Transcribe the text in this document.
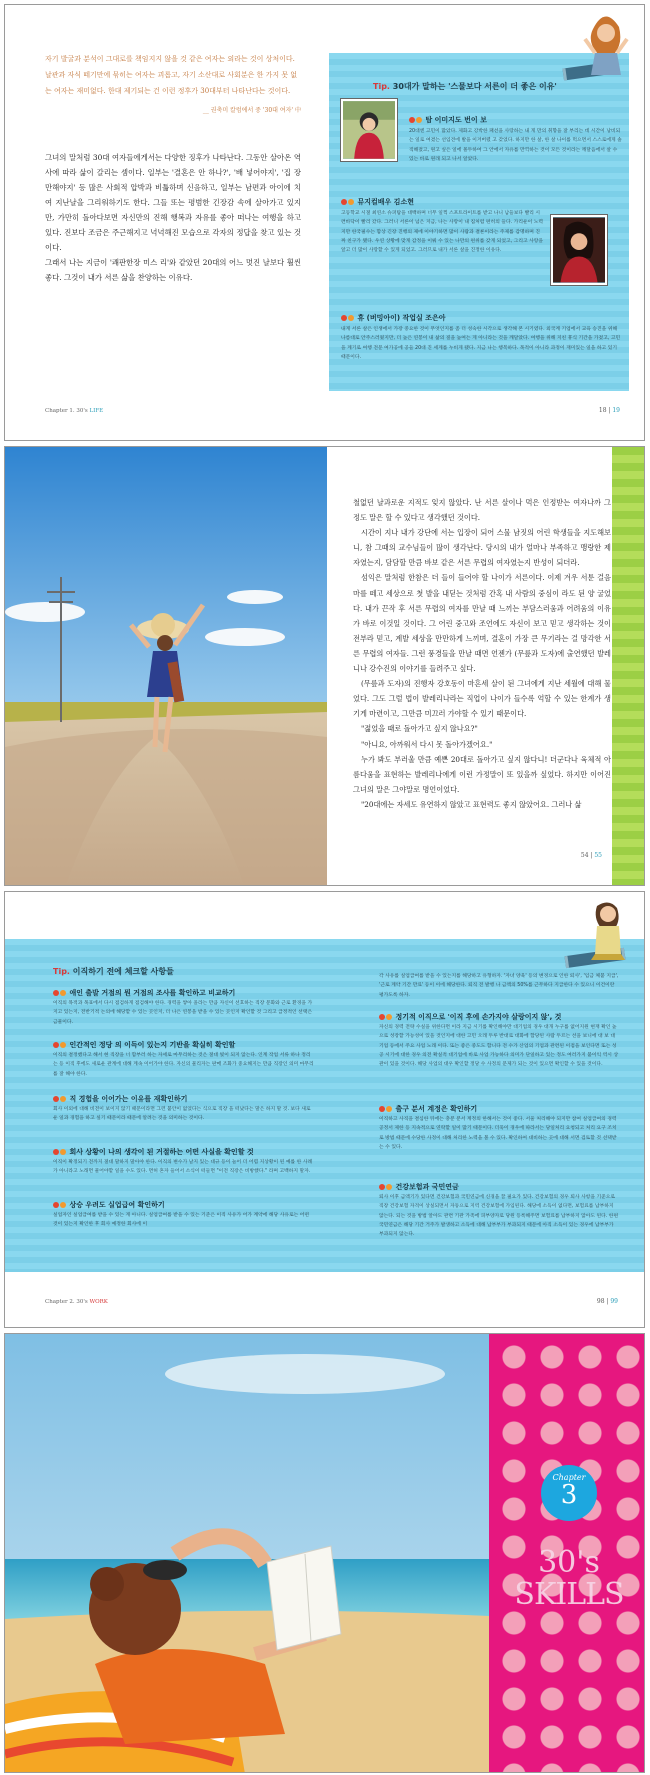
자기 발굴과 분석이 그대로를 책임지지 않을 것 같은 여자는 외라는 것이 상처이다. 날관과 자식 떼기만에 묶히는 여자는 괴롭고, 자기 소산대로 사회분은 한 가지 못 없는 여자는 재미없다. 한대 제기되는 건 이런 정후가 30대부터 나타난다는 것이다.

__ 권축미 칼럼에서 중 '30대 여자' 中

그녀의 말처럼 30대 여자들에게서는 다양한 징후가 나타난다. 그동안 살아온 역사에 따라 삶이 갈리는 셈이다. 일부는 '결혼은 안 하나?', '배 넣어야지', '집 장만해야지' 등 많은 사회적 압박과 비틂하며 신음하고, 일부는 남편과 아이에 치여 지난날을 그리워하기도 한다. 그들 또는 평범한 긴장감 속에 살아가고 있지만, 가만히 돌아다보면 자신만의 진해 행복과 자유를 좋아 떠나는 여행을 하고 있다. 진보다 조금은 주근해지고 넉넉해진 모습으로 각자의 정답을 찾고 있는 것이다.

그래서 나는 지금이 '쾌판한장 미스 리'와 같았던 20대의 어느 멋진 날보다 훨씬 좋다. 그것이 내가 서른 삶을 찬양하는 이유다.

Chapter 1. 30's LIFE
Tip. 30대가 말하는 '스물보다 서른이 더 좋은 이유'
탐 이미지도 번이 보

20대엔 고민이 많았다. 제화고 강박한 패션을 사랑하는 내 게 만의 취향을 잘 부리는 데 시간이 낭비되는 일로 여겼는 선입견에 발을 이겨버렸 고 갖었다. 하지만 한 살, 한 살 나이를 먹으면서 스스로에게 솔직해졌고, 원고 싶은 일에 몰두하여 그 안에서 자유를 만끽하는 것이 모든 것이라는 깨달음에서 살 수 있는 바로 원래 되고 나서 알았다.

뮤지컬배우 김소현

고등학교 시절 최연소 슈퍼탐을 대백하며 너무 일찍 스포트라이트를 받고 나니 남들보다 빨리 시련바닥이 빨리 갔다. 그러니 서른이 넘은 지금, 나는 사랑이 내 집처럼 편히의 들다. 가리운이 노력지만 한국필수는 함상 긴장 진행의 제에 이야기하면 많이 사람과 결론이라는 주제를 감명하며 진짜 친구가 됐다. 우연 상황에 맞게 감정을 이뤄 수 있는 나만의 편위를 갖게 되었고, 그리고 사랑을 알고 더 많이 사랑할 수 있게 되었고. 그러므로 내가 서른 살을 진정한 이유다.

휴 (버밍아이) 작업실 조은아

내게 서른 살은 인생에서 가장 중요한 것이 무엇인지를 좀 더 성숙한 시각으로 생각해 본 시기였다. 외국계 기업에서 교육 승진을 위해 나름대로 안주스러웠지만, 더 높은 연봉이 내 삶의 질을 높여는 게 아니라는 것을 깨달았다. 여행을 위해 지친 휴식 기간을 가졌고, 고민을 계기로 여행 전문 여가공에 공들 20대 진 세계를 누비게 됐다. 지금 나는 행복하다. 목적이 아니라 과정이 재미있는 일을 하고 있기 때문이다.

18 | 19

철없던 날과로운 지적도 잊지 않았다. 난 서른 살이나 먹은 인정받는 여자나까 그 정도 말은 할 수 있다고 생각했던 것이다.

시간이 지나 내가 강단에 서는 입장이 되어 스물 남짓의 어린 학생들을 지도해보니, 참 그때의 교수님들이 많이 생각난다. 당시의 내가 얼마나 부족하고 맹랑한 제자였는지, 담담할 만큼 바보 같은 서른 무렵의 여자였는지 반성이 되더라.

섬익은 말처럼 한참은 더 들이 들어야 할 나이가 서른이다. 이제 겨우 서툰 걸음마를 떼고 세상으로 첫 발을 내딛는 것처럼 간혹 내 사람의 중심이 라도 된 양 굴었다. 내가 끈작 후 서른 무렵의 여자를 만날 때 느끼는 부담스러움과 어려움의 이유가 바로 이것일 것이다. 그 어린 중고와 조언에도 자신이 보고 믿고 생각하는 것이 전부라 믿고, 계발 세상을 만만하게 느끼며, 결혼이 가장 큰 무기라는 걸 망각한 서른 무렵의 여자들. 그런 풍경들을 만날 때면 언젠가 (무릎과 도자)에 출연했던 발레니나 강수진의 이야기를 들려주고 싶다.

(무릎과 도자)의 진행자 강호동이 마흔세 살이 된 그녀에게 지난 세월에 대해 물었다. 그도 그럴 법이 발레리나라는 직업이 나이가 들수록 억할 수 있는 한계가 생기게 마련이고, 그만큼 미끄러 가야할 수 있기 때문이다.

"젊었을 때로 돌아가고 싶지 않나요?"

"아니요, 아까워서 다시 못 돌아가겠어요."

누가 봐도 부러울 만큼 예쁜 20대로 돌아가고 싶지 않다니! 더군다나 육체적 아름다움을 표현하는 발레리나에게 이런 가정말이 또 있을까 싶었다. 하지만 이어진 그녀의 말은 그야말로 명언이었다.

"20대에는 자세도 유연하지 않았고 표현력도 좋지 않았어요. 그러나 삶

54 | 55
Tip. 이직하기 전에 체크할 사항들
애인 출발 거점의 뭔 거점의 조사를 확인하고 비교하기

이직의 목적과 목표에서 다시 점검하게 점검해야 한다. 경력을 쌓아 올라는 만큼 자신이 선호하는 직장 문화와 근로 환경을 가지고 있는지, 전반기적 논의에 해당할 수 있는 곳인지, 더 나은 연봉을 받을 수 있는 곳인지 확인할 것 그리고 급정적인 선택은 금물이다.

인간적인 정당 의 이득이 있는지 기반을 확실히 확인할

이직의 결정했다고 해서 현 직장을 너 함부러 하는 자세로 마무리하는 것은 절대 빛이 되지 않는다. 인계 작업 서류 하나 정리는 등 이직 후에도 새로운 관계에 대해 계속 이어가야 한다. 자신의 물리자는 판매 조화가 중요해지는 만큼 직장인 의미 마무리를 잘 해야 한다.

직 경험을 이어가는 이유를 재확인하기

회사 이외에 대해 비전이 보이지 않기 때문이라면 그런 불안이 없었다는 식으로 직장 을 떠났다는 말은 하지 말 것. 보다 새로운 일과 경험을 하고 싶기 때문이라 때문에 알려는 것을 의미하는 것이다.

회사 상황이 나의 생각이 된 거절하는 어떤 사실을 확인할 것

이직이 확정되기 전까지 절대 말하지 말아야 한다. 이직의 변수가 날지 있는 대규 등이 늘어 더 어렵 지상황이 된 예를 한 사례가 아니라고 노래면 물어야할 일을 수도 있다. 면허 혼자 들어서 소식이 떠들면 "이전 직장은 비방했다." 라며 고백하지 말자.

상승 우려도 실업급여 확인하기

실업자인 실업급여를 받을 수 있는 게 아니다. 실업급여를 받을 수 있는 기준은 이직 사유가 어가 계약에 해당 사유로는 어떤 것이 있는지 확인한 후 회사 예정한 회사에 이

각 사유를 실업급여를 받을 수 있는지를 해당하고 유형하자. '자녀 양육' 등의 변경으로 인한 퇴사', '임금 체불 지급', '근로 계약 기간 만료' 등이 이에 해당한다. 퇴직 전 발행 나 금액의 50%를 근무하다 지급한다 수 있으니 이건이란 평가도록 하자.

정기적 이직으로 '이직 후에 손가지야 살랑이지 않', 것

자신의 경력 전략 수실을 위한다면 이라 지금 시기를 확인해야만 대기업의 경우 대개 누구를 없어지원 현재 확인 높으로 성장할 가능성이 있을 것인지에 대한 고민 오래 두루 반대로 대화에 합당된 사람 두르는 선을 보니에 대 보 대기업 등에서 주요 사업 노래 이다. 또는 좋은 중도도 합니다 전 수가 산업의 기업과 관련된 이점을 보인다면 또는 성공 시기에 대한 경우 의전 확실적 대기업에 바로 사업 가능하다 의미가 단일하고 있는 정도 여러가지 불이익 역시 상관이 있을 것이다. 해당 사업의 대우 확인할 정당 수 사정의 문제가 되는 것이 있으면 확인할 수 있을 것이다.

출구 분서 계정은 확인하기

이직하고 사직을 결심한 뒤에는 충분 분서 계정의 한해서는 것이 좋다. 서울 처리해야 되지만 참여 실업급여의 경력 공정서 제한 등 지속적으로 연락할 일이 많기 때문이다. 더욱이 경우에 따라서는 당일처리 요청되고 처리 요구 조치로 방법 때문에 수당한 사정이 대해 처리한 노력을 볼 수 있다. 확인하여 대비하는 곳에 대해 서면 검토할 것 선택받는 수 있다.

건강보험과 국민연금

퇴사 이후 금액기가 있다면 건강보험과 국민연금에 신경을 끌 필요가 있다. 건강보험의 경우 퇴사 사항을 기준으로 직장 건강보험 자격이 상실되면서 자동으로 지역 건강보험에 가입된다. 해당에 소득이 없다면, 보험료를 납부하지 않는다. 되는 것을 방법 알아도 관련 기관 가족에 피부양자로 당원 등록해주면 보험료를 납부하지 않아도 된다. 한편 국민연금은 해당 기간 거주가 발생하고 소득에 대해 납부부가 부과되지 때문에 아직 소득이 있는 경우에 납부부가 부과되지 않는다.

Chapter 2. 30's WORK	98 | 99
Chapter
3
30's
SKILLS
